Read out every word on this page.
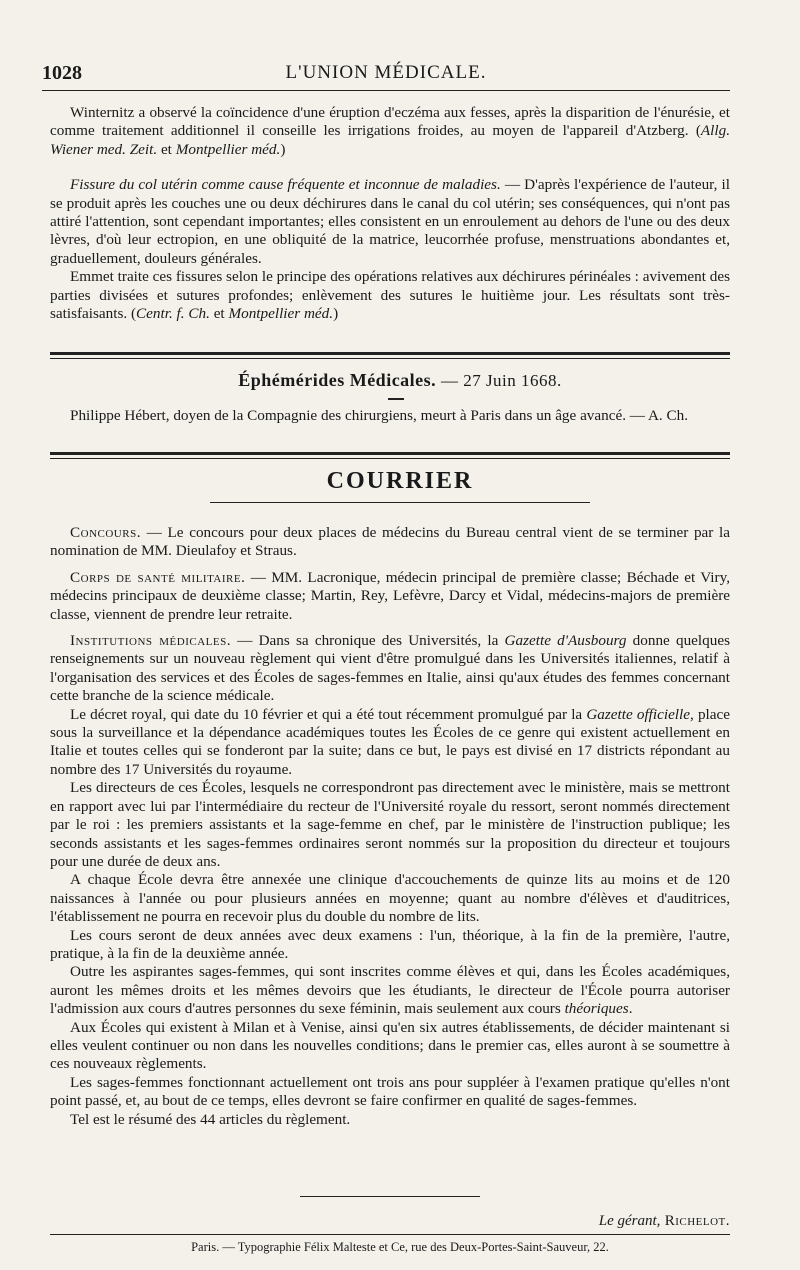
1028	L'UNION MÉDICALE.

Winternitz a observé la coïncidence d'une éruption d'eczéma aux fesses, après la disparition de l'énurésie, et comme traitement additionnel il conseille les irrigations froides, au moyen de l'appareil d'Atzberg. (Allg. Wiener med. Zeit. et Montpellier méd.)

Fissure du col utérin comme cause fréquente et inconnue de maladies. — D'après l'expérience de l'auteur, il se produit après les couches une ou deux déchirures dans le canal du col utérin; ses conséquences, qui n'ont pas attiré l'attention, sont cependant importantes; elles consistent en un enroulement au dehors de l'une ou des deux lèvres, d'où leur ectropion, en une obliquité de la matrice, leucorrhée profuse, menstruations abondantes et, graduellement, douleurs générales.

Emmet traite ces fissures selon le principe des opérations relatives aux déchirures périnéales : avivement des parties divisées et sutures profondes; enlèvement des sutures le huitième jour. Les résultats sont très-satisfaisants. (Centr. f. Ch. et Montpellier méd.)

Éphémérides Médicales. — 27 Juin 1668.

Philippe Hébert, doyen de la Compagnie des chirurgiens, meurt à Paris dans un âge avancé. — A. Ch.

COURRIER

Concours. — Le concours pour deux places de médecins du Bureau central vient de se terminer par la nomination de MM. Dieulafoy et Straus.

Corps de santé militaire. — MM. Lacronique, médecin principal de première classe; Béchade et Viry, médecins principaux de deuxième classe; Martin, Rey, Lefèvre, Darcy et Vidal, médecins-majors de première classe, viennent de prendre leur retraite.

Institutions médicales. — Dans sa chronique des Universités, la Gazette d'Ausbourg donne quelques renseignements sur un nouveau règlement qui vient d'être promulgué dans les Universités italiennes, relatif à l'organisation des services et des Écoles de sages-femmes en Italie, ainsi qu'aux études des femmes concernant cette branche de la science médicale.

Le décret royal, qui date du 10 février et qui a été tout récemment promulgué par la Gazette officielle, place sous la surveillance et la dépendance académiques toutes les Écoles de ce genre qui existent actuellement en Italie et toutes celles qui se fonderont par la suite; dans ce but, le pays est divisé en 17 districts répondant au nombre des 17 Universités du royaume.

Les directeurs de ces Écoles, lesquels ne correspondront pas directement avec le ministère, mais se mettront en rapport avec lui par l'intermédiaire du recteur de l'Université royale du ressort, seront nommés directement par le roi : les premiers assistants et la sage-femme en chef, par le ministère de l'instruction publique; les seconds assistants et les sages-femmes ordinaires seront nommés sur la proposition du directeur et toujours pour une durée de deux ans.

A chaque École devra être annexée une clinique d'accouchements de quinze lits au moins et de 120 naissances à l'année ou pour plusieurs années en moyenne; quant au nombre d'élèves et d'auditrices, l'établissement ne pourra en recevoir plus du double du nombre de lits.

Les cours seront de deux années avec deux examens : l'un, théorique, à la fin de la première, l'autre, pratique, à la fin de la deuxième année.

Outre les aspirantes sages-femmes, qui sont inscrites comme élèves et qui, dans les Écoles académiques, auront les mêmes droits et les mêmes devoirs que les étudiants, le directeur de l'École pourra autoriser l'admission aux cours d'autres personnes du sexe féminin, mais seulement aux cours théoriques.

Aux Écoles qui existent à Milan et à Venise, ainsi qu'en six autres établissements, de décider maintenant si elles veulent continuer ou non dans les nouvelles conditions; dans le premier cas, elles auront à se soumettre à ces nouveaux règlements.

Les sages-femmes fonctionnant actuellement ont trois ans pour suppléer à l'examen pratique qu'elles n'ont point passé, et, au bout de ce temps, elles devront se faire confirmer en qualité de sages-femmes.

Tel est le résumé des 44 articles du règlement.

Le gérant, Richelot.
Paris. — Typographie Félix Malteste et Ce, rue des Deux-Portes-Saint-Sauveur, 22.
